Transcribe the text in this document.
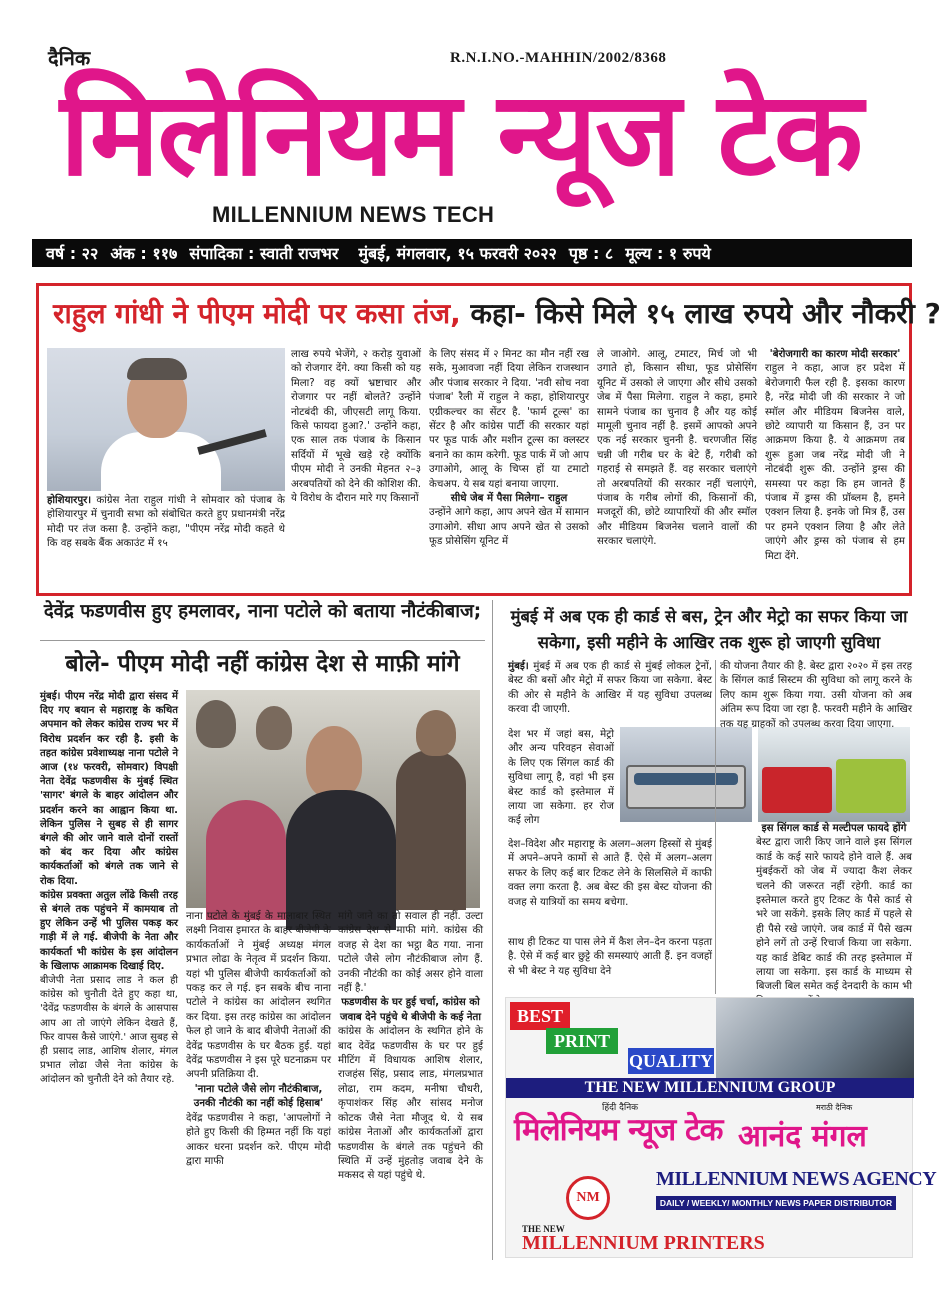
दैनिक	R.N.I.NO.-MAHHIN/2002/8368
मिलेनियम न्यूज टेक
MILLENNIUM NEWS TECH
वर्ष : २२ अंक : ११७ संपादिका : स्वाती राजभर मुंबई, मंगलवार, १५ फरवरी २०२२ पृष्ठ : ८ मूल्य : १ रुपये
राहुल गांधी ने पीएम मोदी पर कसा तंज, कहा- किसे मिले १५ लाख रुपये और नौकरी ?
होशियारपुर। कांग्रेस नेता राहुल गांधी ने सोमवार को पंजाब के होशियारपुर में चुनावी सभा को संबोधित करते हुए प्रधानमंत्री नरेंद्र मोदी पर तंज कसा है. उन्होंने कहा, "पीएम नरेंद्र मोदी कहते थे कि वह सबके बैंक अकाउंट में १५
लाख रुपये भेजेंगे, २ करोड़ युवाओं को रोजगार देंगे. क्या किसी को यह मिला? वह क्यों भ्रष्टाचार और रोजगार पर नहीं बोलते? उन्होंने नोटबंदी की, जीएसटी लागू किया. किसे फायदा हुआ?.' उन्होंने कहा, एक साल तक पंजाब के किसान सर्दियों में भूखे खड़े रहे क्योंकि पीएम मोदी ने उनकी मेहनत २–३ अरबपतियों को देने की कोशिश की. ये विरोध के दौरान मारे गए किसानों
के लिए संसद में २ मिनट का मौन नहीं रख सके, मुआवजा नहीं दिया लेकिन राजस्थान और पंजाब सरकार ने दिया. 'नवी सोच नवा पंजाब' रैली में राहुल ने कहा, होशियारपुर एग्रीकल्चर का सेंटर है. 'फार्म टूल्स' का सेंटर है और कांग्रेस पार्टी की सरकार यहां पर फूड पार्क और मशीन टूल्स का क्लस्टर बनाने का काम करेगी. फूड पार्क में जो आप उगाओगे, आलू के चिप्स हों या टमाटो केचअप. ये सब यहां बनाया जाएगा.
सीधे जेब में पैसा मिलेगा– राहुल
उन्होंने आगे कहा, आप अपने खेत में सामान उगाओगे. सीधा आप अपने खेत से उसको फूड प्रोसेसिंग यूनिट में
ले जाओगे. आलू, टमाटर, मिर्च जो भी उगाते हो, किसान सीधा, फूड प्रोसेसिंग यूनिट में उसको ले जाएगा और सीधे उसको जेब में पैसा मिलेगा. राहुल ने कहा, हमारे सामने पंजाब का चुनाव है और यह कोई मामूली चुनाव नहीं है. इसमें आपको अपने एक नई सरकार चुननी है. चरणजीत सिंह चन्नी जी गरीब घर के बेटे हैं, गरीबी को गहराई से समझते हैं. वह सरकार चलाएंगे तो अरबपतियों की सरकार नहीं चलाएंगे, पंजाब के गरीब लोगों की, किसानों की, मजदूरों की, छोटे व्यापारियों की और स्मॉल और मीडियम बिजनेस चलाने वालों की सरकार चलाएंगे.
'बेरोजगारी का कारण मोदी सरकार'
राहुल ने कहा, आज हर प्रदेश में बेरोजगारी फैल रही है. इसका कारण है, नरेंद्र मोदी जी की सरकार ने जो स्मॉल और मीडियम बिजनेस वाले, छोटे व्यापारी या किसान हैं, उन पर आक्रमण किया है. ये आक्रमण तब शुरू हुआ जब नरेंद्र मोदी जी ने नोटबंदी शुरू की. उन्होंने ड्रग्स की समस्या पर कहा कि हम जानते हैं पंजाब में ड्रग्स की प्रॉब्लम है, हमने एक्शन लिया है. इनके जो मित्र हैं, उस पर हमने एक्शन लिया है और लेते जाएंगे और ड्रग्स को पंजाब से हम मिटा देंगे.
देवेंद्र फडणवीस हुए हमलावर, नाना पटोले को बताया नौटंकीबाज;
बोले- पीएम मोदी नहीं कांग्रेस देश से माफ़ी मांगे
मुंबई। पीएम नरेंद्र मोदी द्वारा संसद में दिए गए बयान से महाराष्ट्र के कथित अपमान को लेकर कांग्रेस राज्य भर में विरोध प्रदर्शन कर रही है. इसी के तहत कांग्रेस प्रवेशाध्यक्ष नाना पटोले ने आज (१४ फरवरी, सोमवार) विपक्षी नेता देवेंद्र फडणवीस के मुंबई स्थित 'सागर' बंगले के बाहर आंदोलन और प्रदर्शन करने का आह्वान किया था. लेकिन पुलिस ने सुबह से ही सागर बंगले की ओर जाने वाले दोनों रास्तों को बंद कर दिया और कांग्रेस कार्यकर्ताओं को बंगले तक जाने से रोक दिया.
कांग्रेस प्रवक्ता अतुल लोंढे किसी तरह से बंगले तक पहुंचने में कामयाब तो हुए लेकिन उन्हें भी पुलिस पकड़ कर गाड़ी में ले गई. बीजेपी के नेता और कार्यकर्ता भी कांग्रेस के इस आंदोलन के खिलाफ आक्रामक दिखाई दिए.
बीजेपी नेता प्रसाद लाड ने कल ही कांग्रेस को चुनौती देते हुए कहा था, 'देवेंद्र फडणवीस के बंगले के आसपास आप आ तो जाएंगे लेकिन देखते हैं, फिर वापस कैसे जाएंगे.' आज सुबह से ही प्रसाद लाड, आशिष शेलार, मंगल प्रभात लोढा जैसे नेता कांग्रेस के आंदोलन को चुनौती देने को तैयार रहे.
नाना पटोले के मुंबई के मालाबार स्थित लक्ष्मी निवास इमारत के बाहर बीजेपी के कार्यकर्ताओं ने मुंबई अध्यक्ष मंगल प्रभात लोढा के नेतृत्व में प्रदर्शन किया. यहां भी पुलिस बीजेपी कार्यकर्ताओं को पकड़ कर ले गई. इन सबके बीच नाना पटोले ने कांग्रेस का आंदोलन स्थगित कर दिया. इस तरह कांग्रेस का आंदोलन फेल हो जाने के बाद बीजेपी नेताओं की देवेंद्र फडणवीस के घर बैठक हुई. यहां देवेंद्र फडणवीस ने इस पूरे घटनाक्रम पर अपनी प्रतिक्रिया दी.
'नाना पटोले जैसे लोग नौटंकीबाज, उनकी नौटंकी का नहीं कोई हिसाब'
देवेंद्र फडणवीस ने कहा, 'आपलोगों ने होते हुए किसी की हिम्मत नहीं कि यहां आकर धरना प्रदर्शन करे. पीएम मोदी द्वारा माफी
मांगे जाने का तो सवाल ही नहीं. उल्टा कांग्रेस देश से माफी मांगे. कांग्रेस की वजह से देश का भट्ठा बैठ गया. नाना पटोले जैसे लोग नौटंकीबाज लोग हैं. उनकी नौटंकी का कोई असर होने वाला नहीं है.'
फडणवीस के घर हुई चर्चा, कांग्रेस को जवाब देने पहुंचे थे बीजेपी के कई नेता
कांग्रेस के आंदोलन के स्थगित होने के बाद देवेंद्र फडणवीस के घर पर हुई मीटिंग में विधायक आशिष शेलार, राजहंस सिंह, प्रसाद लाड, मंगलप्रभात लोढा, राम कदम, मनीषा चौधरी, कृपाशंकर सिंह और सांसद मनोज कोटक जैसे नेता मौजूद थे. ये सब कांग्रेस नेताओं और कार्यकर्ताओं द्वारा फडणवीस के बंगले तक पहुंचने की स्थिति में उन्हें मुंहतोड़ जवाब देने के मकसद से यहां पहुंचे थे.
मुंबई में अब एक ही कार्ड से बस, ट्रेन और मेट्रो का सफर किया जा सकेगा, इसी महीने के आखिर तक शुरू हो जाएगी सुविधा
मुंबई। मुंबई में अब एक ही कार्ड से मुंबई लोकल ट्रेनों, बेस्ट की बसों और मेट्रो में सफर किया जा सकेगा. बेस्ट की ओर से महीने के आखिर में यह सुविधा उपलब्ध करवा दी जाएगी.
देश भर में जहां बस, मेट्रो और अन्य परिवहन सेवाओं के लिए एक सिंगल कार्ड की सुविधा लागू है, वहां भी इस बेस्ट कार्ड को इस्तेमाल में लाया जा सकेगा. हर रोज कई लोग
देश–विदेश और महाराष्ट्र के अलग–अलग हिस्सों से मुंबई में अपने–अपने कामों से आते हैं. ऐसे में अलग–अलग सफर के लिए कई बार टिकट लेने के सिलसिले में काफी वक्त लगा करता है. अब बेस्ट की इस बेस्ट योजना की वजह से यात्रियों का समय बचेगा.
साथ ही टिकट या पास लेने में कैश लेन–देन करना पड़ता है. ऐसे में कई बार छुट्टे की समस्याएं आती हैं. इन वजहों से भी बेस्ट ने यह सुविधा देने
की योजना तैयार की है. बेस्ट द्वारा २०२० में इस तरह के सिंगल कार्ड सिस्टम की सुविधा को लागू करने के लिए काम शुरू किया गया. उसी योजना को अब अंतिम रूप दिया जा रहा है. फरवरी महीने के आखिर तक यह ग्राहकों को उपलब्ध करवा दिया जाएगा.
इस सिंगल कार्ड से मल्टीपल फायदे होंगे
बेस्ट द्वारा जारी किए जाने वाले इस सिंगल कार्ड के कई सारे फायदे होने वाले हैं. अब मुंबईकरों को जेब में ज्यादा कैश लेकर चलने की जरूरत नहीं रहेगी. कार्ड का इस्तेमाल करते हुए टिकट के पैसे कार्ड से भरे जा सकेंगे. इसके लिए कार्ड में पहले से ही पैसे रखे जाएंगे. जब कार्ड में पैसे खत्म होने लगें तो उन्हें रिचार्ज किया जा सकेगा. यह कार्ड डेबिट कार्ड की तरह इस्तेमाल में लाया जा सकेगा. इस कार्ड के माध्यम से बिजली बिल समेत कई देनदारी के काम भी
BEST
PRINT
QUALITY
THE NEW MILLENNIUM GROUP
हिंदी दैनिक	मराठी दैनिक
मिलेनियम न्यूज टेक आनंद मंगल
NM
MILLENNIUM NEWS AGENCY
DAILY / WEEKLY/ MONTHLY NEWS PAPER DISTRIBUTOR
THE NEW
MILLENNIUM PRINTERS
